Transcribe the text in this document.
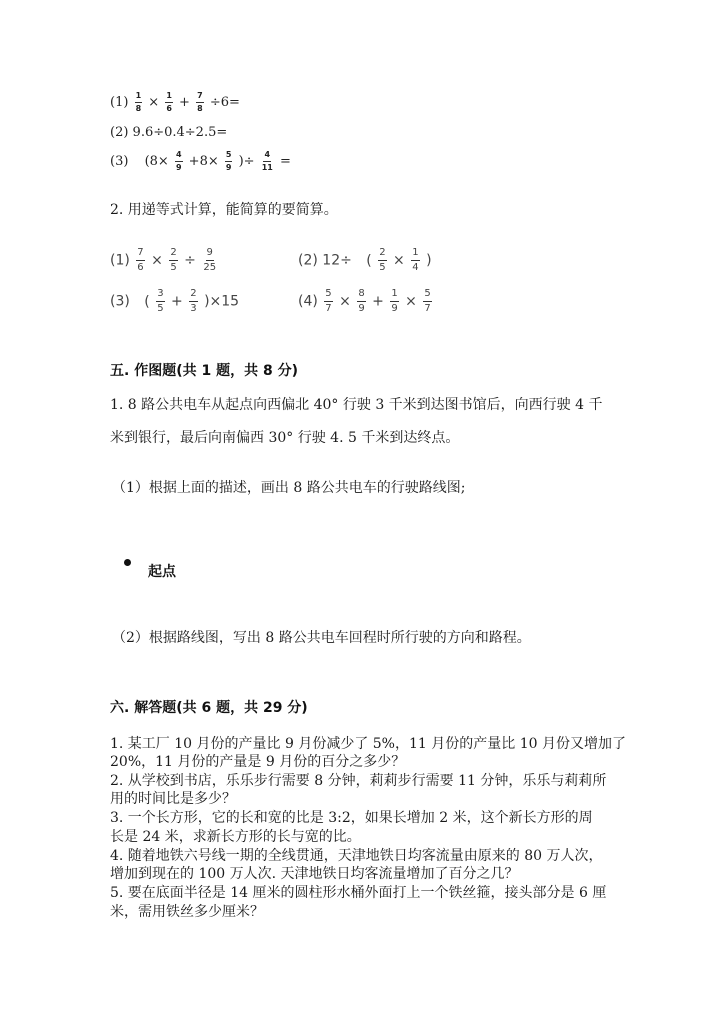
$(1) \frac{1}{8} \times \frac{1}{6} + \frac{7}{8} \div 6=$
(2) 9.6÷0.4÷2.5=
(3) ($8\times \frac{4}{9} +8\times \frac{5}{9}$ )÷ $\frac{4}{11}$ =
2. 用递等式计算，能简算的要简算。
$(1) \frac{7}{6} \times \frac{2}{5} \div \frac{9}{25}$	(2) 12÷ ( $\frac{2}{5} \times \frac{1}{4}$ )
(3) ( $\frac{3}{5} + \frac{2}{3} )\times 15$	$(4) \frac{5}{7} \times \frac{8}{9} + \frac{1}{9} \times \frac{5}{7}$
五. 作图题(共 1 题，共 8 分)
1. 8 路公共电车从起点向西偏北 40° 行驶 3 千米到达图书馆后，向西行驶 4 千
米到银行，最后向南偏西 30° 行驶 4. 5 千米到达终点。
（1）根据上面的描述，画出 8 路公共电车的行驶路线图;
起点
（2）根据路线图，写出 8 路公共电车回程时所行驶的方向和路程。
六. 解答题(共 6 题，共 29 分)
1. 某工厂 10 月份的产量比 9 月份减少了 5%，11 月份的产量比 10 月份又增加了
20%，11 月份的产量是 9 月份的百分之多少？
2. 从学校到书店，乐乐步行需要 8 分钟，莉莉步行需要 11 分钟，乐乐与莉莉所
用的时间比是多少？
3. 一个长方形，它的长和宽的比是 3:2，如果长增加 2 米，这个新长方形的周
长是 24 米，求新长方形的长与宽的比。
4. 随着地铁六号线一期的全线贯通，天津地铁日均客流量由原来的 80 万人次，
增加到现在的 100 万人次. 天津地铁日均客流量增加了百分之几？
5. 要在底面半径是 14 厘米的圆柱形水桶外面打上一个铁丝箍，接头部分是 6 厘
米，需用铁丝多少厘米？
